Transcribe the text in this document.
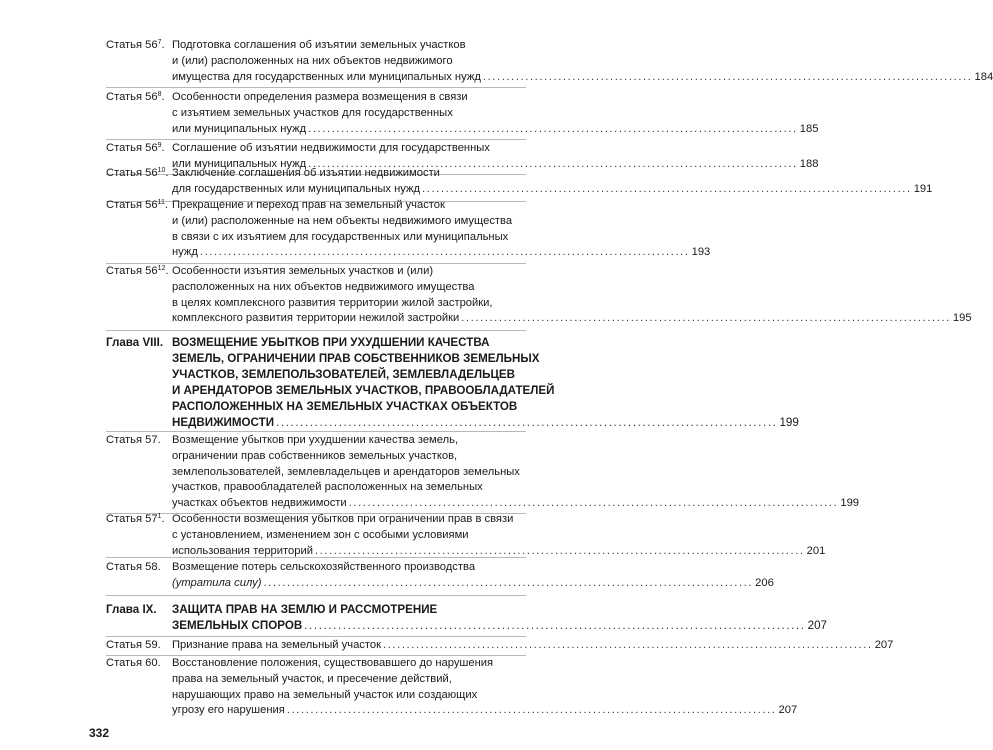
Статья $56^7$. Подготовка соглашения об изъятии земельных участков
и (или) расположенных на них объектов недвижимого
имущества для государственных или муниципальных нужд ........................................................................................................ 184
Статья $56^8$. Особенности определения размера возмещения в связи
с изъятием земельных участков для государственных
или муниципальных нужд ........................................................................................................ 185
Статья $56^9$. Соглашение об изъятии недвижимости для государственных
или муниципальных нужд ........................................................................................................ 188
Статья $56^{10}$. Заключение соглашения об изъятии недвижимости
для государственных или муниципальных нужд ........................................................................................................ 191
Статья $56^{11}$. Прекращение и переход прав на земельный участок
и (или) расположенные на нем объекты недвижимого имущества
в связи с их изъятием для государственных или муниципальных
нужд ........................................................................................................ 193
Статья $56^{12}$. Особенности изъятия земельных участков и (или)
расположенных на них объектов недвижимого имущества
в целях комплексного развития территории жилой застройки,
комплексного развития территории нежилой застройки ........................................................................................................ 195
Глава VIII. ВОЗМЕЩЕНИЕ УБЫТКОВ ПРИ УХУДШЕНИИ КАЧЕСТВА
ЗЕМЕЛЬ, ОГРАНИЧЕНИИ ПРАВ СОБСТВЕННИКОВ ЗЕМЕЛЬНЫХ
УЧАСТКОВ, ЗЕМЛЕПОЛЬЗОВАТЕЛЕЙ, ЗЕМЛЕВЛАДЕЛЬЦЕВ
И АРЕНДАТОРОВ ЗЕМЕЛЬНЫХ УЧАСТКОВ, ПРАВООБЛАДАТЕЛЕЙ
РАСПОЛОЖЕННЫХ НА ЗЕМЕЛЬНЫХ УЧАСТКАХ ОБЪЕКТОВ
НЕДВИЖИМОСТИ ........................................................................................................ 199
Статья 57.	Возмещение убытков при ухудшении качества земель,
ограничении прав собственников земельных участков,
землепользователей, землевладельцев и арендаторов земельных
участков, правообладателей расположенных на земельных
участках объектов недвижимости ........................................................................................................ 199
Статья $57^1$. Особенности возмещения убытков при ограничении прав в связи
с установлением, изменением зон с особыми условиями
использования территорий ........................................................................................................ 201
Статья 58.	Возмещение потерь сельскохозяйственного производства
(утратила силу) ........................................................................................................ 206
Глава IX.	ЗАЩИТА ПРАВ НА ЗЕМЛЮ И РАССМОТРЕНИЕ
ЗЕМЕЛЬНЫХ СПОРОВ ........................................................................................................ 207
Статья 59.	Признание права на земельный участок ........................................................................................................ 207
Статья 60.	Восстановление положения, существовавшего до нарушения
права на земельный участок, и пресечение действий,
нарушающих право на земельный участок или создающих
угрозу его нарушения ........................................................................................................ 207
332
